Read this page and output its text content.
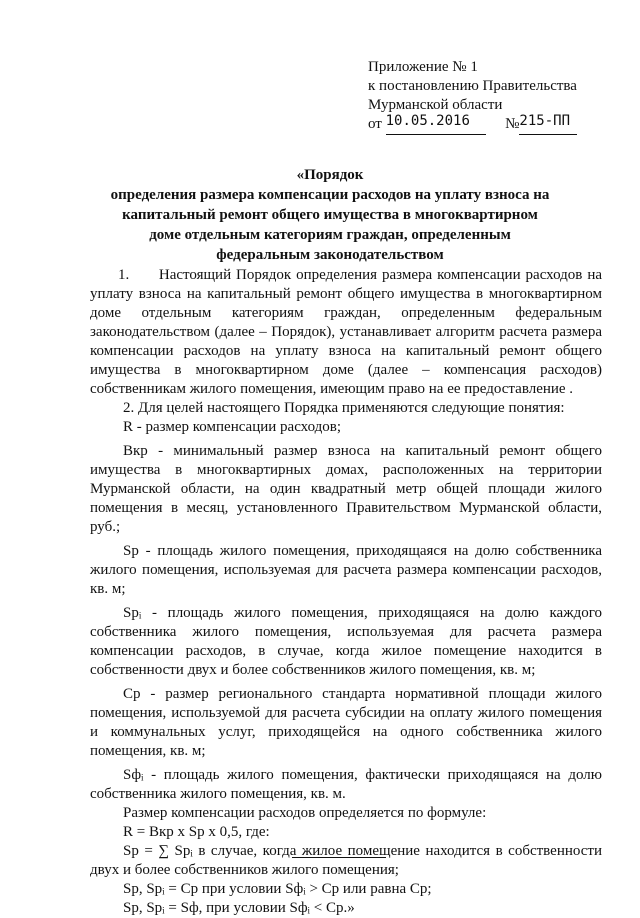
Приложение № 1
к постановлению Правительства
Мурманской области
от 10.05.2016 №215-ПП
«Порядок
определения размера компенсации расходов на уплату взноса на
капитальный ремонт общего имущества в многоквартирном
доме отдельным категориям граждан, определенным
федеральным законодательством

1.      Настоящий Порядок определения размера компенсации расходов на уплату взноса на капитальный ремонт общего имущества в многоквартирном доме отдельным категориям граждан, определенным федеральным законодательством (далее – Порядок), устанавливает алгоритм расчета размера компенсации расходов на уплату взноса на капитальный ремонт общего имущества в многоквартирном доме (далее – компенсация расходов) собственникам жилого помещения, имеющим право на ее предоставление .

2. Для целей настоящего Порядка применяются следующие понятия:

R - размер компенсации расходов;

Bкр - минимальный размер взноса на капитальный ремонт общего имущества в многоквартирных домах, расположенных на территории Мурманской области, на один квадратный метр общей площади жилого помещения в месяц, установленного Правительством Мурманской области, руб.;

Sp - площадь жилого помещения, приходящаяся на долю собственника жилого помещения, используемая для расчета размера компенсации расходов, кв. м;

Spᵢ - площадь жилого помещения, приходящаяся на долю каждого собственника жилого помещения, используемая для расчета размера компенсации расходов, в случае, когда жилое помещение находится в собственности двух и более собственников жилого помещения, кв. м;

Cp - размер регионального стандарта нормативной площади жилого помещения, используемой для расчета субсидии на оплату жилого помещения и коммунальных услуг, приходящейся на одного собственника жилого помещения, кв. м;

Sфᵢ - площадь жилого помещения, фактически приходящаяся на долю собственника жилого помещения, кв. м.

Размер компенсации расходов определяется по формуле:

R = Bкр x Sp x 0,5, где:

Sp = ∑ Spᵢ в случае, когда жилое помещение находится в собственности двух и более собственников жилого помещения;

Sp, Spᵢ = Cp при условии Sфᵢ > Cp или равна Cp;

Sp, Spᵢ = Sф, при условии Sфᵢ < Cp.»
